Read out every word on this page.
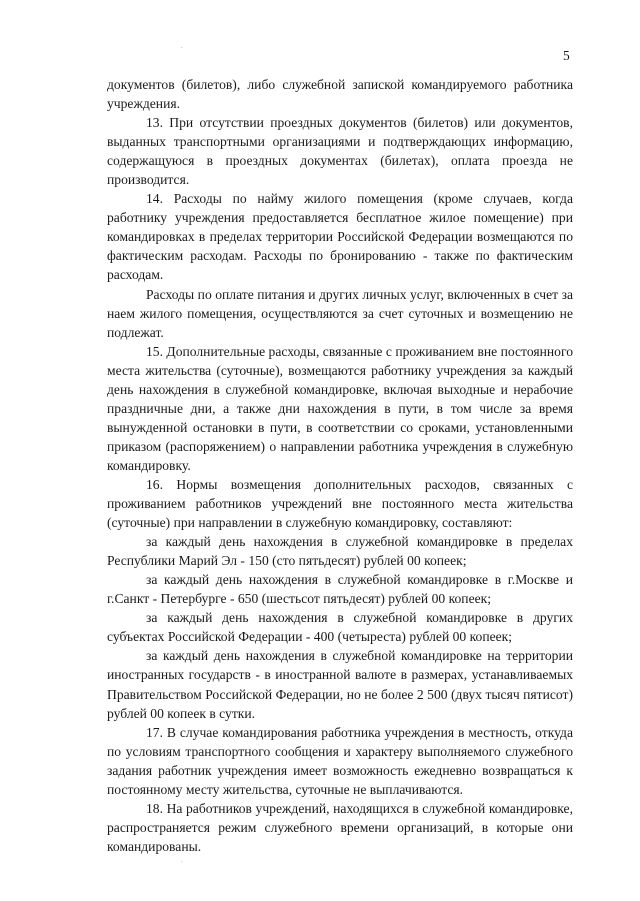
5
.
.

документов (билетов), либо служебной запиской командируемого работника учреждения.

13. При отсутствии проездных документов (билетов) или документов, выданных транспортными организациями и подтверждающих информацию, содержащуюся в проездных документах (билетах), оплата проезда не производится.

14. Расходы по найму жилого помещения (кроме случаев, когда работнику учреждения предоставляется бесплатное жилое помещение) при командировках в пределах территории Российской Федерации возмещаются по фактическим расходам. Расходы по бронированию - также по фактическим расходам.

Расходы по оплате питания и других личных услуг, включенных в счет за наем жилого помещения, осуществляются за счет суточных и возмещению не подлежат.

15. Дополнительные расходы, связанные с проживанием вне постоянного места жительства (суточные), возмещаются работнику учреждения за каждый день нахождения в служебной командировке, включая выходные и нерабочие праздничные дни, а также дни нахождения в пути, в том числе за время вынужденной остановки в пути, в соответствии со сроками, установленными приказом (распоряжением) о направлении работника учреждения в служебную командировку.

16. Нормы возмещения дополнительных расходов, связанных с проживанием работников учреждений вне постоянного места жительства (суточные) при направлении в служебную командировку, составляют:

за каждый день нахождения в служебной командировке в пределах Республики Марий Эл - 150 (сто пятьдесят) рублей 00 копеек;

за каждый день нахождения в служебной командировке в г.Москве и г.Санкт - Петербурге - 650 (шестьсот пятьдесят) рублей 00 копеек;

за каждый день нахождения в служебной командировке в других субъектах Российской Федерации - 400 (четыреста) рублей 00 копеек;

за каждый день нахождения в служебной командировке на территории иностранных государств - в иностранной валюте в размерах, устанавливаемых Правительством Российской Федерации, но не более 2 500 (двух тысяч пятисот) рублей 00 копеек в сутки.

17. В случае командирования работника учреждения в местность, откуда по условиям транспортного сообщения и характеру выполняемого служебного задания работник учреждения имеет возможность ежедневно возвращаться к постоянному месту жительства, суточные не выплачиваются.

18. На работников учреждений, находящихся в служебной командировке, распространяется режим служебного времени организаций, в которые они командированы.
